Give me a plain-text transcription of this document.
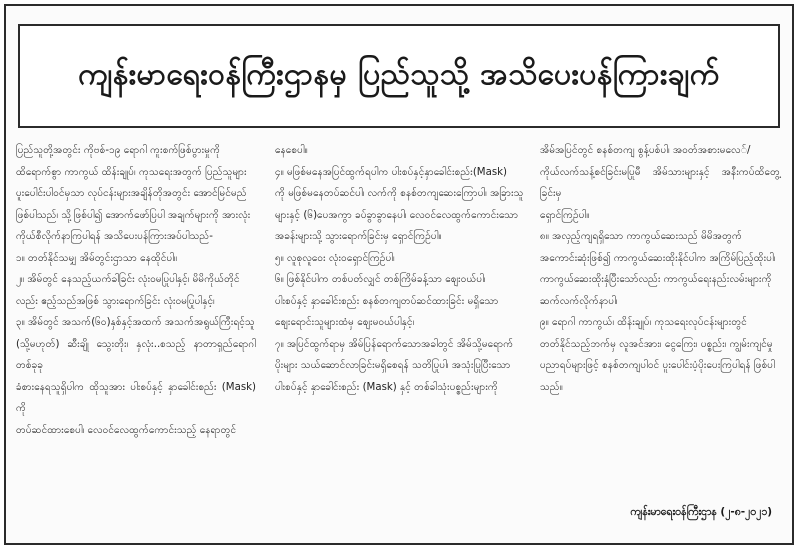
ကျန်းမာရေးဝန်ကြီးဌာနမှ ပြည်သူသို့ အသိပေးပန်ကြားချက်

ပြည်သူတို့အတွင်း ကိုဗစ်-၁၉ ရောဂါ ကူးစက်ဖြစ်ပွားမှုကို

ထိရောက်စွာ ကာကွယ် ထိန်းချုပ်၊ ကုသရေးအတွက် ပြည်သူများ

ပူးပေါင်းပါဝင်မှသာ လုပ်ငန်းများအချိန်တိုအတွင်း အောင်မြင်မည်

ဖြစ်ပါသည်၊ သို့ဖြစ်ပါ၍ အောက်ဖော်ပြပါ အချက်များကို အားလုံး

ကိုယ်စီလိုက်နာကြပါရန် အသိပေးပန်ကြားအပ်ပါသည်-

၁။ တတ်နိုင်သမျှ အိမ်တွင်းဌာသာ နေထိုင်ပါ။

၂။ အိမ်တွင် နေသည့်ယက်ခါခြင်း လုံးဝမပြုပါနှင့်၊ မိမိကိုယ်တိုင်

လည်း ဧည့်သည်အဖြစ် သွားရောက်ခြင်း လုံးဝမပြုပါနှင့်၊

၃။ အိမ်တွင် အသက်(၆၀)နှစ်နှင့်အထက် အသက်အရွယ်ကြီးရင့်သူ

(သို့မဟုတ်) ဆီးချို သွေးတိုး၊ နှလုံး..စသည့် နာတာရှည်ရောဂါ တစ်ခုခု

ခံစားနေရသူရှိပါက ထိုသူအား ပါးစပ်နှင့် နှာခေါင်းစည်း (Mask) ကို

တပ်ဆင်ထားစေပါ၊ လေဝင်လေထွက်ကောင်းသည့် နေရာတွင်

နေစေပါ။

၄။ မဖြစ်မနေအပြင်ထွက်ရပါက ပါးစပ်နှင့်နှာခေါင်းစည်း(Mask)

ကို မဖြစ်မနေတပ်ဆင်ပါ၊ လက်ကို စနစ်တကျဆေးကြောပါ၊ အခြားသူ

များနှင့် (၆)ပေအကွာ ခပ်ခွာခွာနေပါ၊ လေဝင်လေထွက်ကောင်းသော

အခန်းများသို့ သွားရောက်ခြင်းမှ ရှောင်ကြဉ်ပါ။

၅။ လူစုလူဝေး လုံးဝရှောင်ကြဉ်ပါ၊

၆။ ဖြစ်နိုင်ပါက တစ်ပတ်လျှင် တစ်ကြိမ်ခန့်သာ စျေးဝယ်ပါ၊

ပါးစပ်နှင့် နှာခေါင်းစည်း စနစ်တကျတပ်ဆင်ထားခြင်း မရှိသော

စျေးရောင်းသူများထံမှ စျေးမဝယ်ပါနှင့်၊

၇။ အပြင်ထွက်ရာမှ အိမ်ပြန်ရောက်သောအခါတွင် အိမ်သို့မရောက်

ပိုးများ သယ်ဆောင်လာခြင်းမရှိစေရန် သတိပြုပါ၊ အသုံးပြုပြီးသော

ပါးစပ်နှင့် နှာခေါင်းစည်း (Mask) နှင့် တစ်ခါသုံးပစ္စည်းများကို

အိမ်အပြင်တွင် စနစ်တကျ စွန့်ပစ်ပါ၊ အဝတ်အစားမလေ်/

ကိုယ်လက်သန့်စင်ခြင်းမပြုမီ အိမ်သားများနှင့် အနီးကပ်ထိတွေ့ခြင်းမှ

ရှောင်ကြဉ်ပါ။

၈။ အလှည့်ကျရရှိသော ကာကွယ်ဆေးသည် မိမိအတွက်

အကောင်းဆုံးဖြစ်၍ ကာကွယ်ဆေးထိုးနိုင်ပါက အကြိမ်ပြည့်ထိုးပါ၊

ကာကွယ်ဆေးထိုးနှံပြီးသော်လည်း ကာကွယ်ရေးနည်းလမ်းများကို

ဆက်လက်လိုက်နာပါ၊

၉။ ရောဂါ ကာကွယ်၊ ထိန်းချုပ်၊ ကုသရေးလုပ်ငန်းများတွင်

တတ်နိုင်သည့်ဘက်မှ လူအင်အား၊ ငွေကြေး၊ ပစ္စည်း၊ ကျွမ်းကျင်မှု

ပညာရပ်များဖြင့် စနစ်တကျပါဝင် ပူးပေါင်းပံ့ပိုးပေးကြပါရန် ဖြစ်ပါ

သည်။

ကျန်းမာရေးဝန်ကြီးဌာန (၂-၈-၂၀၂၁)
